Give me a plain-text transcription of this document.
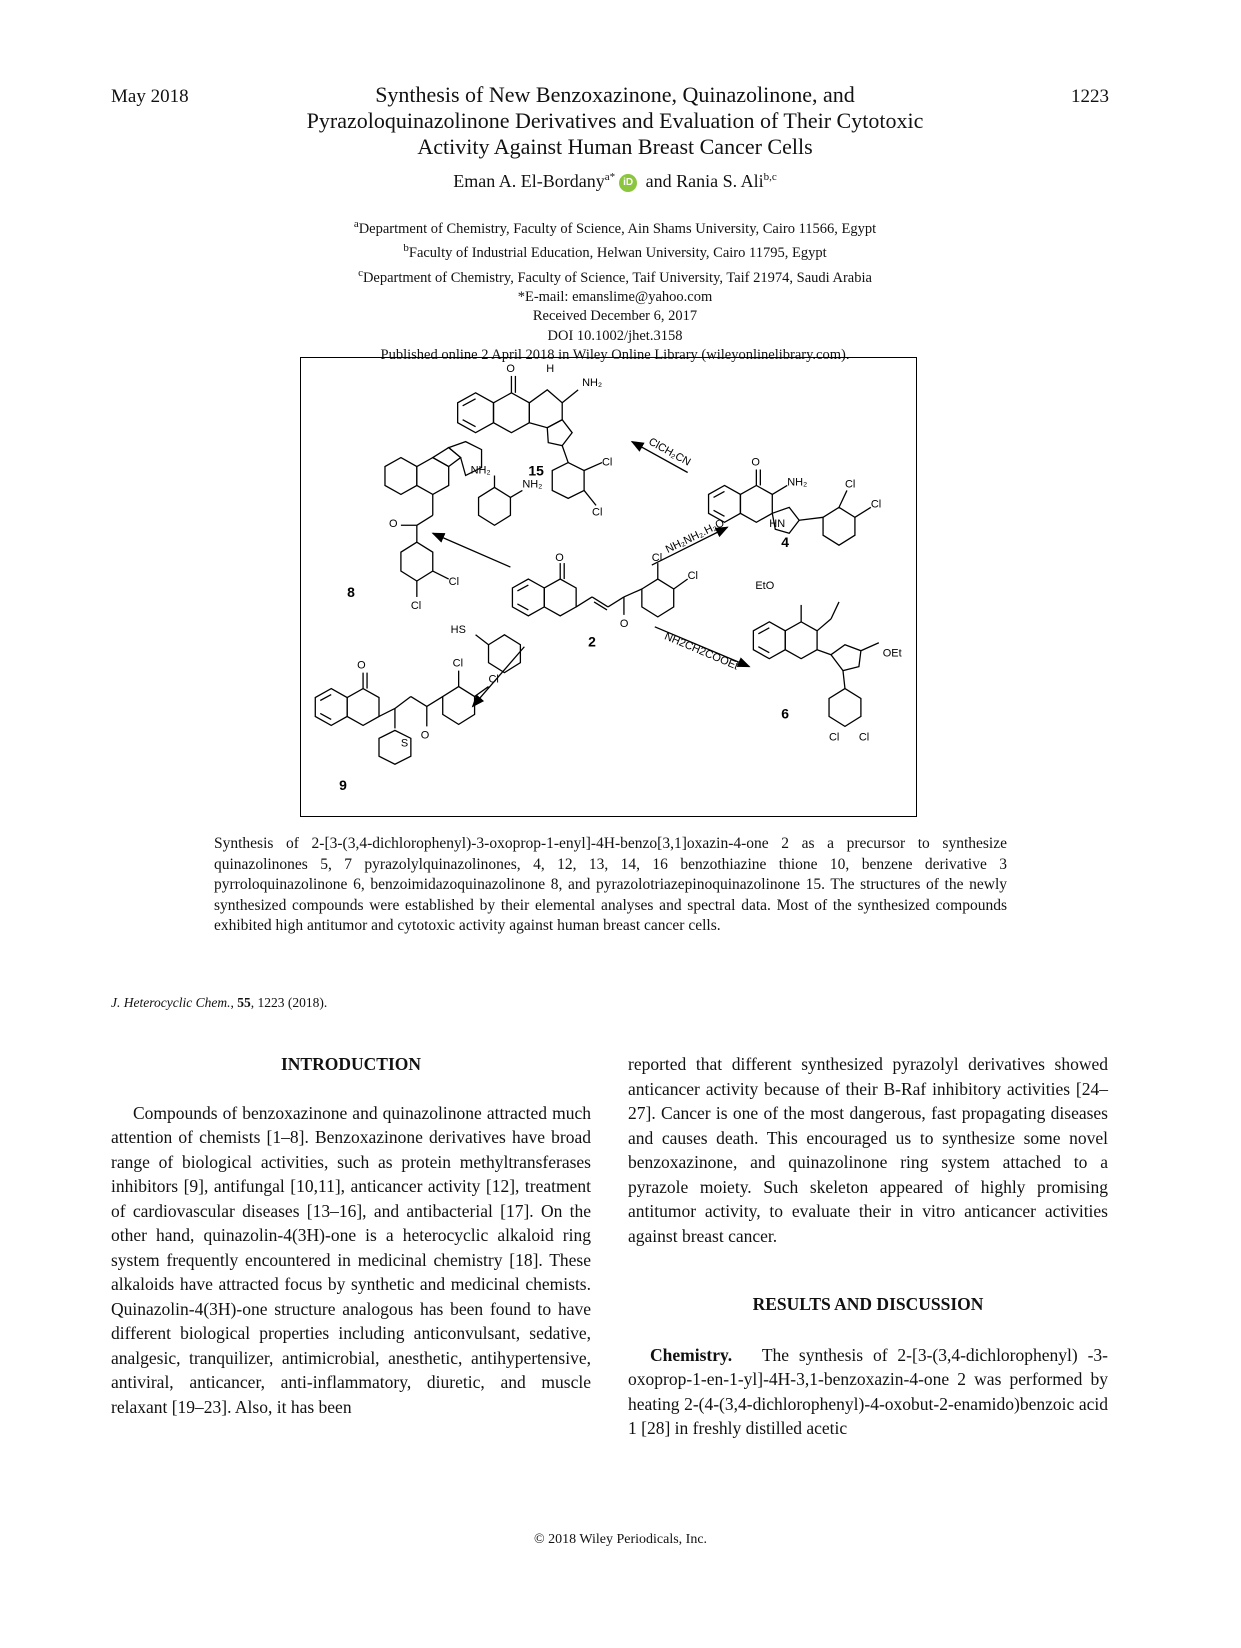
May 2018	1223
Synthesis of New Benzoxazinone, Quinazolinone, and
Pyrazoloquinazolinone Derivatives and Evaluation of Their Cytotoxic
Activity Against Human Breast Cancer Cells
Eman A. El-Bordany$^{a*}$ iD and Rania S. Ali$^{b,c}$
$^a$Department of Chemistry, Faculty of Science, Ain Shams University, Cairo 11566, Egypt
$^b$Faculty of Industrial Education, Helwan University, Cairo 11795, Egypt
$^c$Department of Chemistry, Faculty of Science, Taif University, Taif 21974, Saudi Arabia
*E-mail: emanslime@yahoo.com
Received December 6, 2017
DOI 10.1002/jhet.3158
Published online 2 April 2018 in Wiley Online Library (wileyonlinelibrary.com).
O	H
NH₂
Cl
Cl
O
NH₂
HN
Cl
Cl
NH₂
NH₂
O
Cl
Cl
O
O
Cl
Cl
EtO
OEt
Cl Cl
HS
O
S
O
Cl
Cl
ClCH₂CN
NH₂NH₂.H₂O
NH2CH2COOEt
15
4
8
2
6
9
Synthesis of 2-[3-(3,4-dichlorophenyl)-3-oxoprop-1-enyl]-4H-benzo[3,1]oxazin-4-one 2 as a precursor to synthesize quinazolinones 5, 7 pyrazolylquinazolinones, 4, 12, 13, 14, 16 benzothiazine thione 10, benzene derivative 3 pyrroloquinazolinone 6, benzoimidazoquinazolinone 8, and pyrazolotriazepinoquinazolinone 15. The structures of the newly synthesized compounds were established by their elemental analyses and spectral data. Most of the synthesized compounds exhibited high antitumor and cytotoxic activity against human breast cancer cells.
J. Heterocyclic Chem., 55, 1223 (2018).

INTRODUCTION

Compounds of benzoxazinone and quinazolinone attracted much attention of chemists [1–8]. Benzoxazinone derivatives have broad range of biological activities, such as protein methyltransferases inhibitors [9], antifungal [10,11], anticancer activity [12], treatment of cardiovascular diseases [13–16], and antibacterial [17]. On the other hand, quinazolin-4(3H)-one is a heterocyclic alkaloid ring system frequently encountered in medicinal chemistry [18]. These alkaloids have attracted focus by synthetic and medicinal chemists. Quinazolin-4(3H)-one structure analogous has been found to have different biological properties including anticonvulsant, sedative, analgesic, tranquilizer, antimicrobial, anesthetic, antihypertensive, antiviral, anticancer, anti-inflammatory, diuretic, and muscle relaxant [19–23]. Also, it has been

reported that different synthesized pyrazolyl derivatives showed anticancer activity because of their B-Raf inhibitory activities [24–27]. Cancer is one of the most dangerous, fast propagating diseases and causes death. This encouraged us to synthesize some novel benzoxazinone, and quinazolinone ring system attached to a pyrazole moiety. Such skeleton appeared of highly promising antitumor activity, to evaluate their in vitro anticancer activities against breast cancer.

RESULTS AND DISCUSSION

Chemistry. The synthesis of 2-[3-(3,4-dichlorophenyl) -3-oxoprop-1-en-1-yl]-4H-3,1-benzoxazin-4-one 2 was performed by heating 2-(4-(3,4-dichlorophenyl)-4-oxobut-2-enamido)benzoic acid 1 [28] in freshly distilled acetic

© 2018 Wiley Periodicals, Inc.
